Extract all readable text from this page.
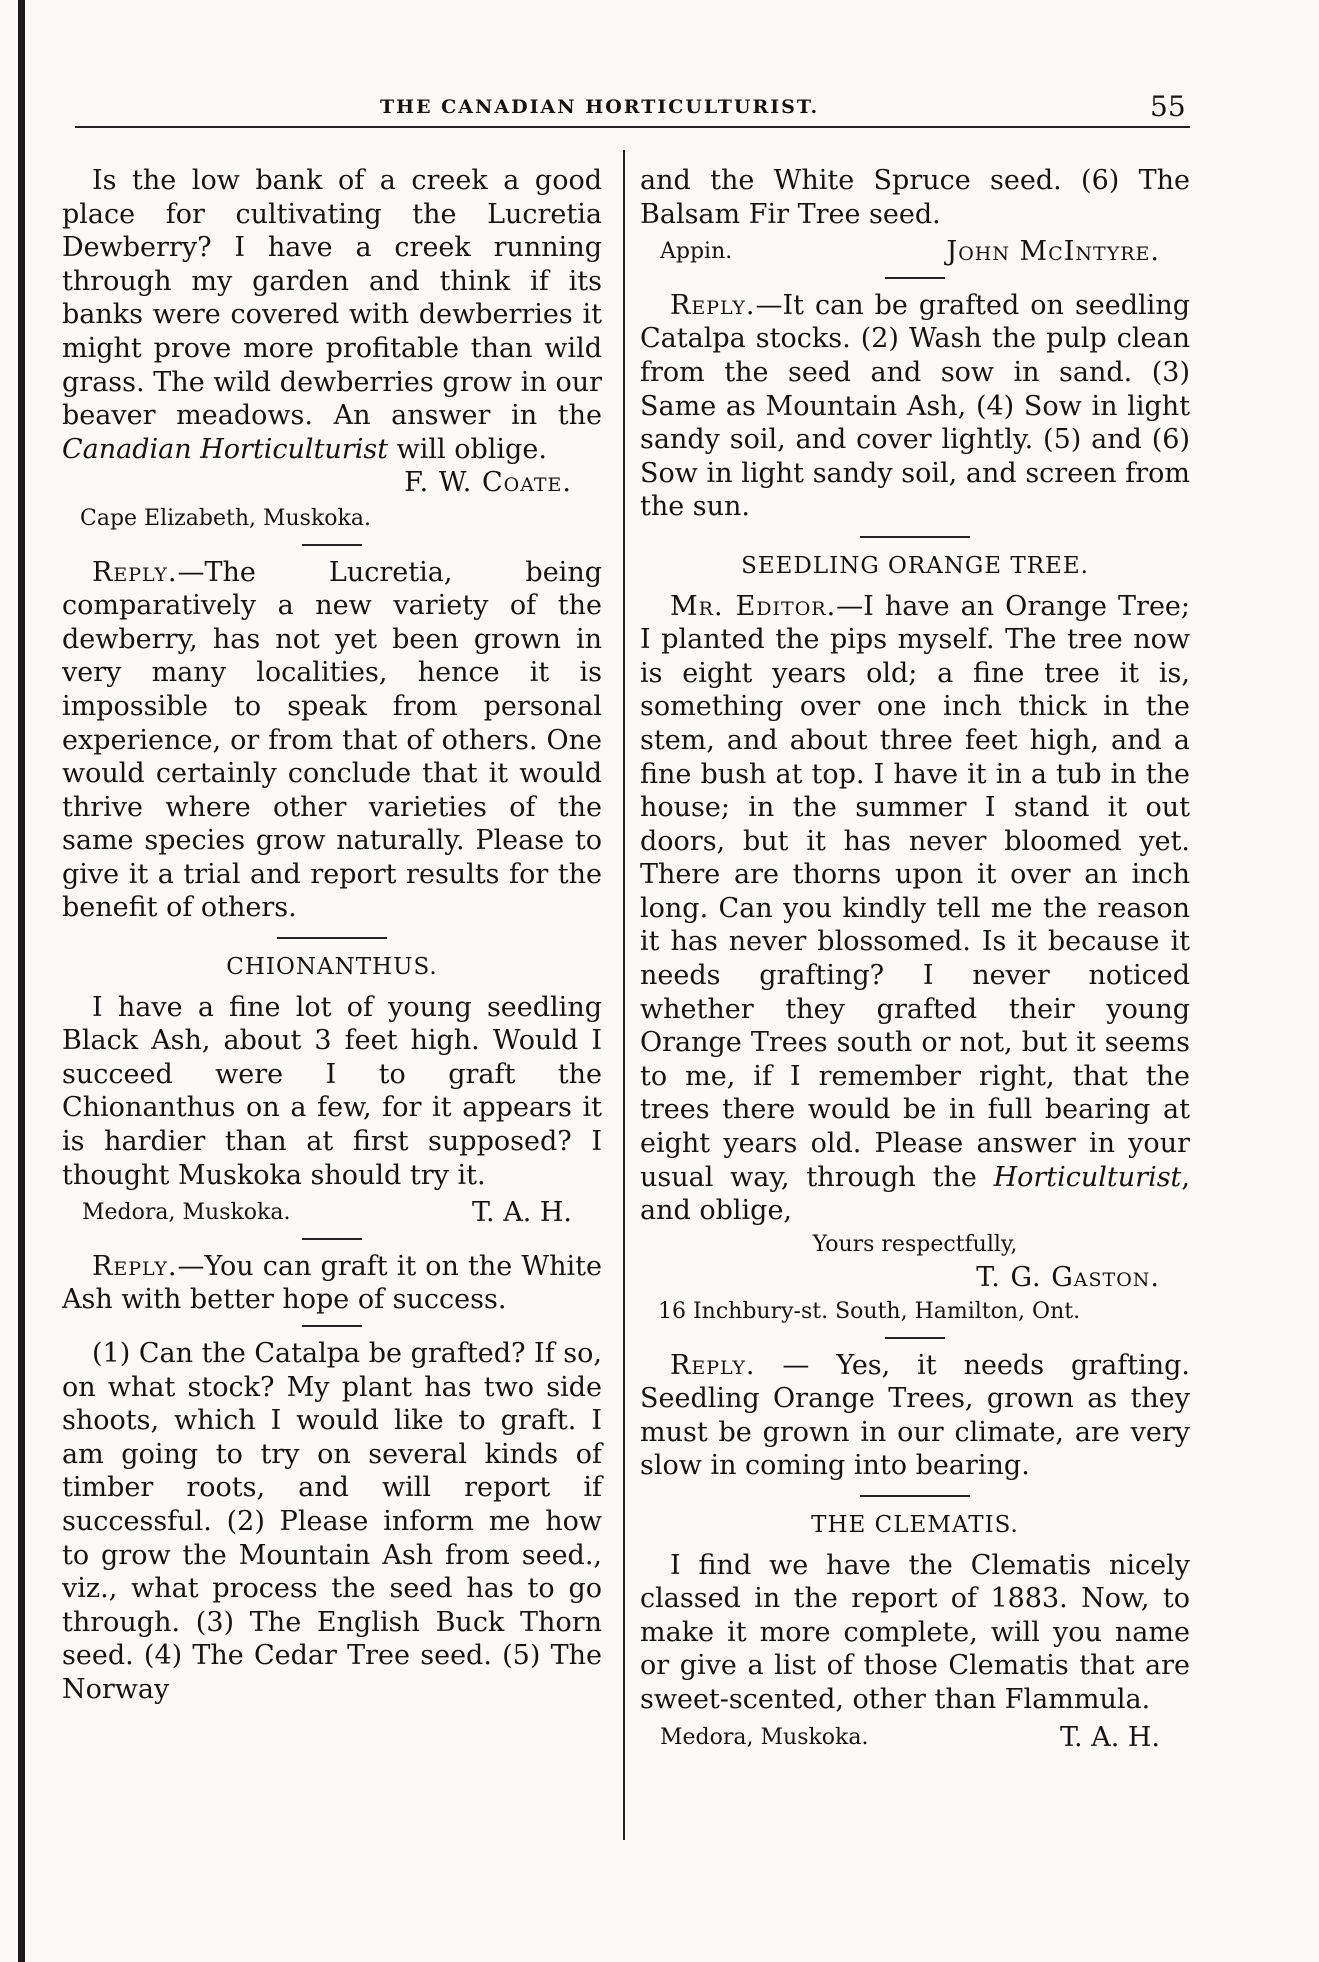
THE CANADIAN HORTICULTURIST.	55

Is the low bank of a creek a good place for cultivating the Lucretia Dewberry? I have a creek running through my garden and think if its banks were covered with dewberries it might prove more profitable than wild grass. The wild dewberries grow in our beaver meadows. An answer in the Canadian Horticulturist will oblige.

F. W. Coate.

Cape Elizabeth, Muskoka.

Reply.—The Lucretia, being comparatively a new variety of the dewberry, has not yet been grown in very many localities, hence it is impossible to speak from personal experience, or from that of others. One would certainly conclude that it would thrive where other varieties of the same species grow naturally. Please to give it a trial and report results for the benefit of others.

CHIONANTHUS.

I have a fine lot of young seedling Black Ash, about 3 feet high. Would I succeed were I to graft the Chionanthus on a few, for it appears it is hardier than at first supposed? I thought Muskoka should try it.

Medora, Muskoka.	T. A. H.

Reply.—You can graft it on the White Ash with better hope of success.

(1) Can the Catalpa be grafted? If so, on what stock? My plant has two side shoots, which I would like to graft. I am going to try on several kinds of timber roots, and will report if successful. (2) Please inform me how to grow the Mountain Ash from seed., viz., what process the seed has to go through. (3) The English Buck Thorn seed. (4) The Cedar Tree seed. (5) The Norway

and the White Spruce seed. (6) The Balsam Fir Tree seed.

Appin.	John McIntyre.

Reply.—It can be grafted on seedling Catalpa stocks. (2) Wash the pulp clean from the seed and sow in sand. (3) Same as Mountain Ash, (4) Sow in light sandy soil, and cover lightly. (5) and (6) Sow in light sandy soil, and screen from the sun.

SEEDLING ORANGE TREE.

Mr. Editor.—I have an Orange Tree; I planted the pips myself. The tree now is eight years old; a fine tree it is, something over one inch thick in the stem, and about three feet high, and a fine bush at top. I have it in a tub in the house; in the summer I stand it out doors, but it has never bloomed yet. There are thorns upon it over an inch long. Can you kindly tell me the reason it has never blossomed. Is it because it needs grafting? I never noticed whether they grafted their young Orange Trees south or not, but it seems to me, if I remember right, that the trees there would be in full bearing at eight years old. Please answer in your usual way, through the Horticulturist, and oblige,

Yours respectfully,

T. G. Gaston.

16 Inchbury-st. South, Hamilton, Ont.

Reply. — Yes, it needs grafting. Seedling Orange Trees, grown as they must be grown in our climate, are very slow in coming into bearing.

THE CLEMATIS.

I find we have the Clematis nicely classed in the report of 1883. Now, to make it more complete, will you name or give a list of those Clematis that are sweet-scented, other than Flammula.

Medora, Muskoka.	T. A. H.
